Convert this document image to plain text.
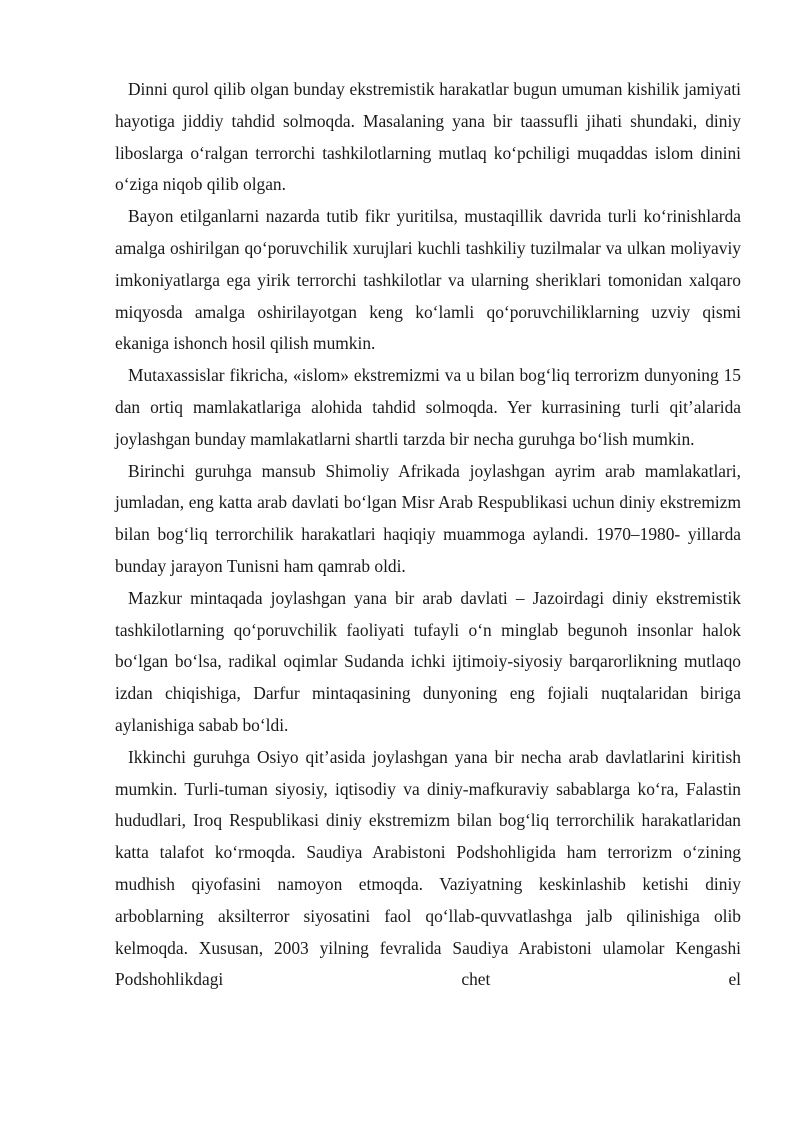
Dinni qurol qilib olgan bunday ekstremistik harakatlar bugun umuman kishilik jamiyati hayotiga jiddiy tahdid solmoqda. Masalaning yana bir taassufli jihati shundaki, diniy liboslarga o‘ralgan terrorchi tashkilotlarning mutlaq ko‘pchiligi muqaddas islom dinini o‘ziga niqob qilib olgan.

Bayon etilganlarni nazarda tutib fikr yuritilsa, mustaqillik davrida turli ko‘rinishlarda amalga oshirilgan qo‘poruvchilik xurujlari kuchli tashkiliy tuzilmalar va ulkan moliyaviy imkoniyatlarga ega yirik terrorchi tashkilotlar va ularning sheriklari tomonidan xalqaro miqyosda amalga oshirilayotgan keng ko‘lamli qo‘poruvchiliklarning uzviy qismi ekaniga ishonch hosil qilish mumkin.

Mutaxassislar fikricha, «islom» ekstremizmi va u bilan bog‘liq terrorizm dunyoning 15 dan ortiq mamlakatlariga alohida tahdid solmoqda. Yer kurrasining turli qit’alarida joylashgan bunday mamlakatlarni shartli tarzda bir necha guruhga bo‘lish mumkin.

Birinchi guruhga mansub Shimoliy Afrikada joylashgan ayrim arab mamlakatlari, jumladan, eng katta arab davlati bo‘lgan Misr Arab Respublikasi uchun diniy ekstremizm bilan bog‘liq terrorchilik harakatlari haqiqiy muammoga aylandi. 1970–1980- yillarda bunday jarayon Tunisni ham qamrab oldi.

Mazkur mintaqada joylashgan yana bir arab davlati – Jazoirdagi diniy ekstremistik tashkilotlarning qo‘poruvchilik faoliyati tufayli o‘n minglab begunoh insonlar halok bo‘lgan bo‘lsa, radikal oqimlar Sudanda ichki ijtimoiy-siyosiy barqarorlikning mutlaqo izdan chiqishiga, Darfur mintaqasining dunyoning eng fojiali nuqtalaridan biriga aylanishiga sabab bo‘ldi.

Ikkinchi guruhga Osiyo qit’asida joylashgan yana bir necha arab davlatlarini kiritish mumkin. Turli-tuman siyosiy, iqtisodiy va diniy-mafkuraviy sabablarga ko‘ra, Falastin hududlari, Iroq Respublikasi diniy ekstremizm bilan bog‘liq terrorchilik harakatlaridan katta talafot ko‘rmoqda. Saudiya Arabistoni Podshohligida ham terrorizm o‘zining mudhish qiyofasini namoyon etmoqda. Vaziyatning keskinlashib ketishi diniy arboblarning aksilterror siyosatini faol qo‘llab-quvvatlashga jalb qilinishiga olib kelmoqda. Xususan, 2003 yilning fevralida Saudiya Arabistoni ulamolar Kengashi Podshohlikdagi chet el
